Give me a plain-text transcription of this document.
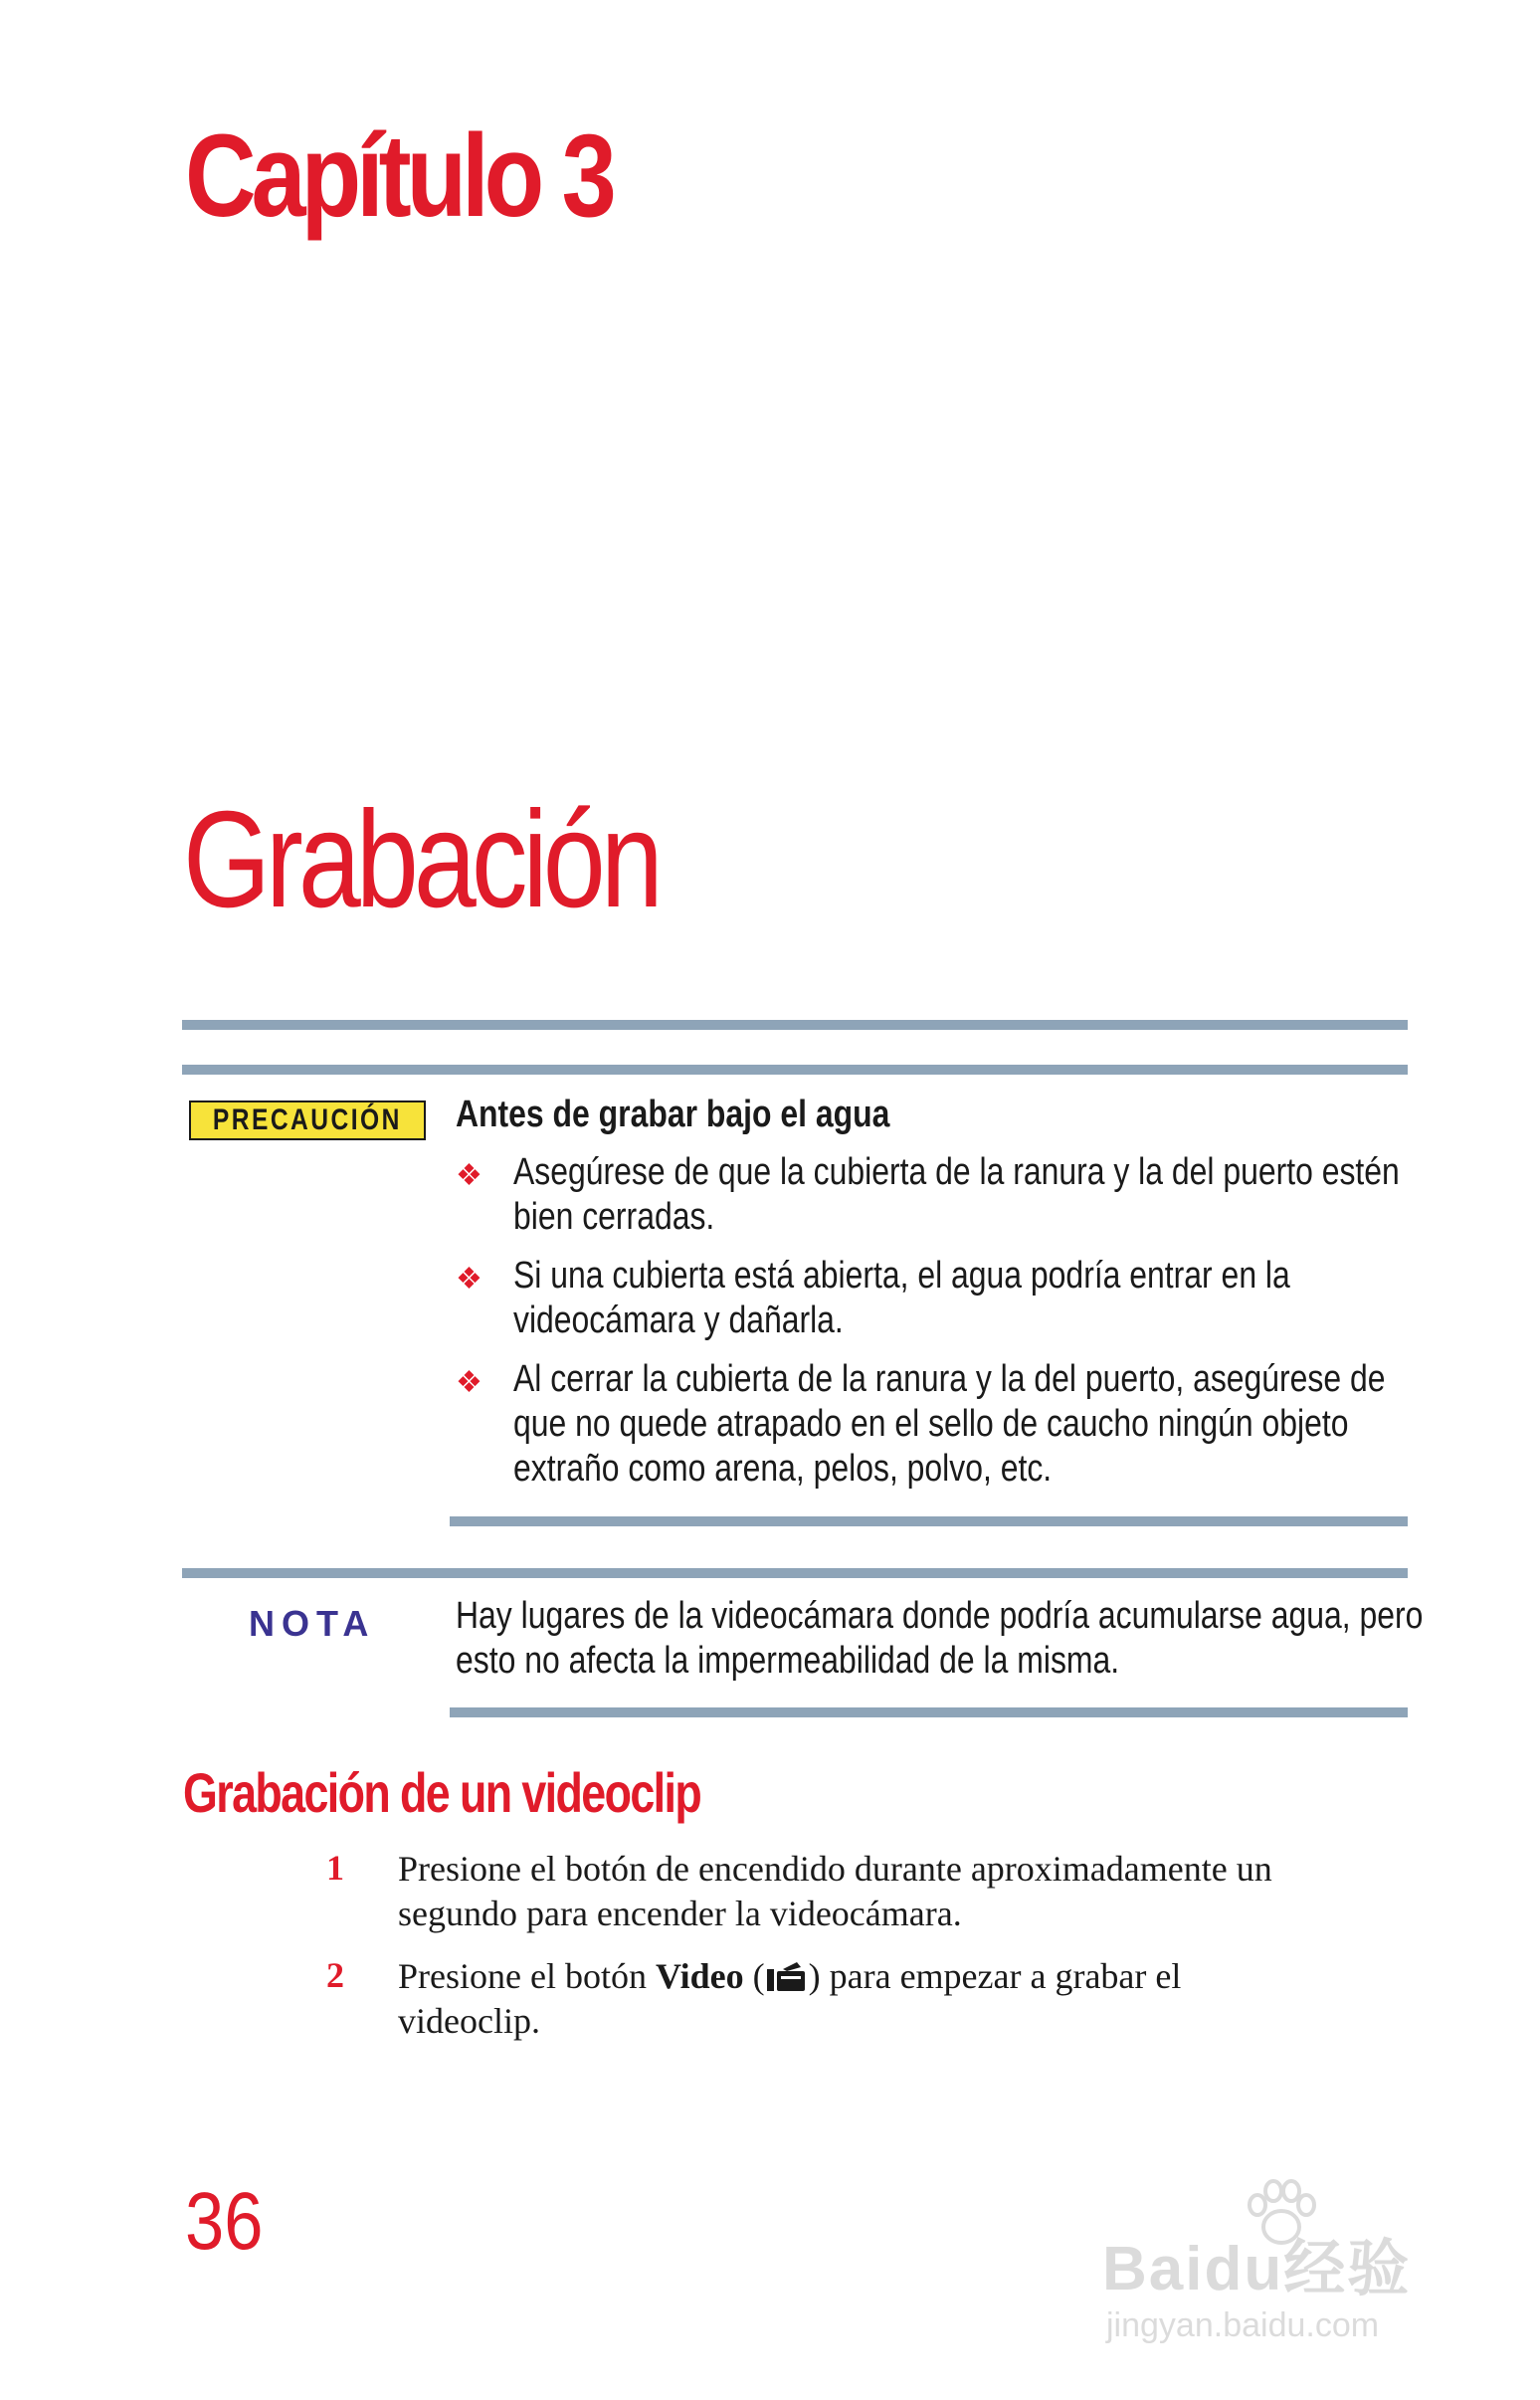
Capítulo 3
Grabación
PRECAUCIÓN Antes de grabar bajo el agua
❖ Asegúrese de que la cubierta de la ranura y la del puerto estén
bien cerradas.
❖ Si una cubierta está abierta, el agua podría entrar en la
videocámara y dañarla.
❖ Al cerrar la cubierta de la ranura y la del puerto, asegúrese de
que no quede atrapado en el sello de caucho ningún objeto
extraño como arena, pelos, polvo, etc.
NOTA Hay lugares de la videocámara donde podría acumularse agua, pero
esto no afecta la impermeabilidad de la misma.
Grabación de un videoclip
1 Presione el botón de encendido durante aproximadamente un
segundo para encender la videocámara.
2 Presione el botón Video ( ) para empezar a grabar el
videoclip.
36
Baidu经验
jingyan.baidu.com
